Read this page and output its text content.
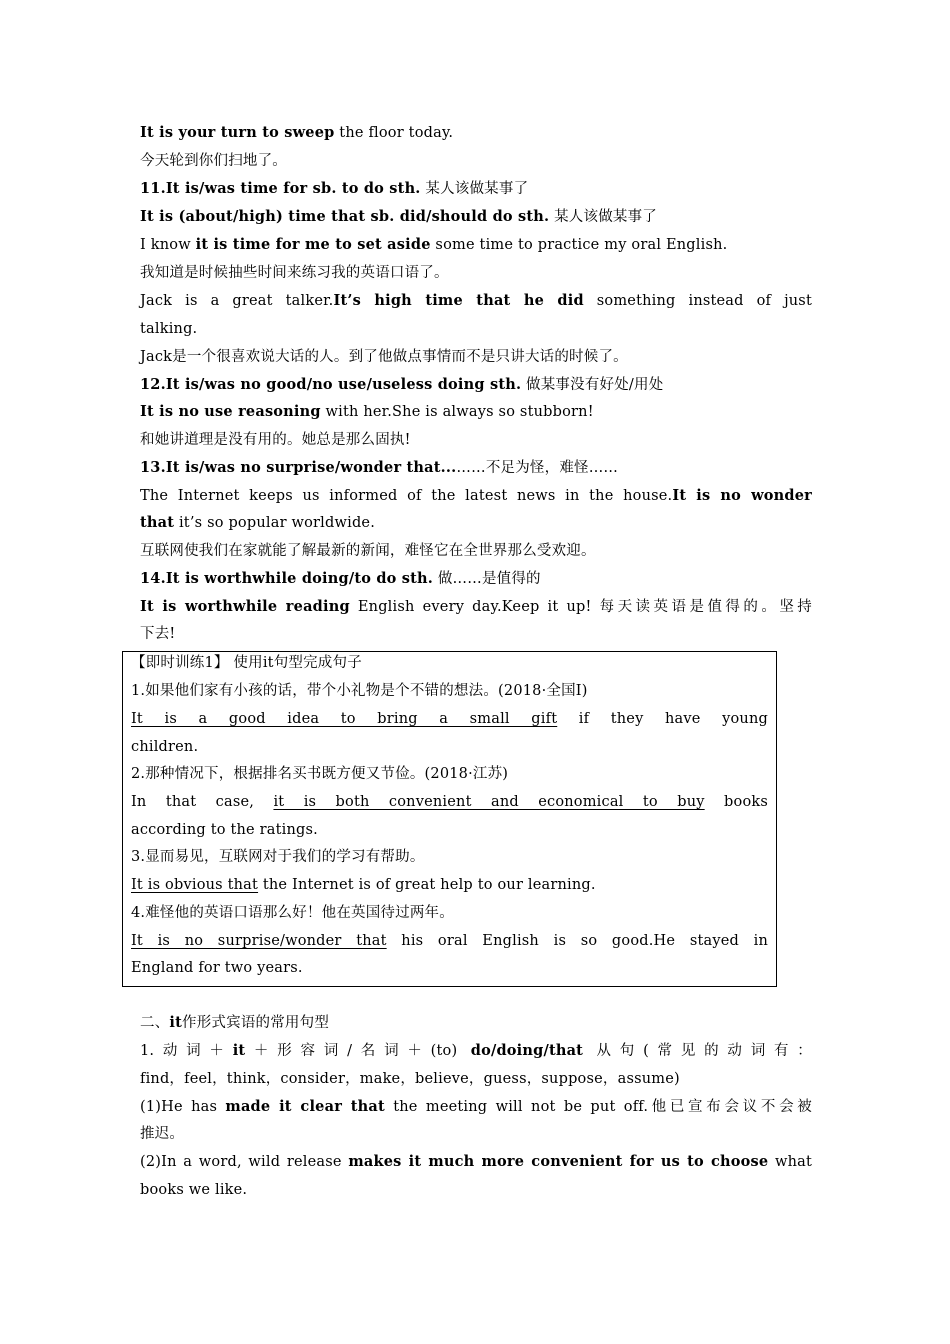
It is your turn to sweep the floor today.
今天轮到你们扫地了。
11.It is/was time for sb. to do sth. 某人该做某事了
It is (about/high) time that sb. did/should do sth. 某人该做某事了
I know it is time for me to set aside some time to practice my oral English.
我知道是时候抽些时间来练习我的英语口语了。
Jack is a great talker.It’s high time that he did something instead of just
talking.
Jack是一个很喜欢说大话的人。到了他做点事情而不是只讲大话的时候了。
12.It is/was no good/no use/useless doing sth. 做某事没有好处/用处
It is no use reasoning with her.She is always so stubborn!
和她讲道理是没有用的。她总是那么固执!
13.It is/was no surprise/wonder that...……不足为怪，难怪……
The Internet keeps us informed of the latest news in the house.It is no wonder
that it’s so popular worldwide.
互联网使我们在家就能了解最新的新闻，难怪它在全世界那么受欢迎。
14.It is worthwhile doing/to do sth. 做……是值得的
It is worthwhile reading English every day.Keep it up! 每天读英语是值得的。坚持
下去!
【即时训练1】 使用it句型完成句子
1.如果他们家有小孩的话，带个小礼物是个不错的想法。(2018·全国Ⅰ)
It is a good idea to bring a small gift if they have young
children.
2.那种情况下，根据排名买书既方便又节俭。(2018·江苏)
In that case, it is both convenient and economical to buy books
according to the ratings.
3.显而易见，互联网对于我们的学习有帮助。
It is obvious that the Internet is of great help to our learning.
4.难怪他的英语口语那么好！他在英国待过两年。
It is no surprise/wonder that his oral English is so good.He stayed in
England for two years.
二、it作形式宾语的常用句型
1.动词＋it＋形容词/名词＋(to) do/doing/that 从句(常见的动词有：
find，feel，think，consider，make，believe，guess，suppose，assume)
(1)He has made it clear that the meeting will not be put off.他已宣布会议不会被
推迟。
(2)In a word, wild release makes it much more convenient for us to choose what
books we like.
